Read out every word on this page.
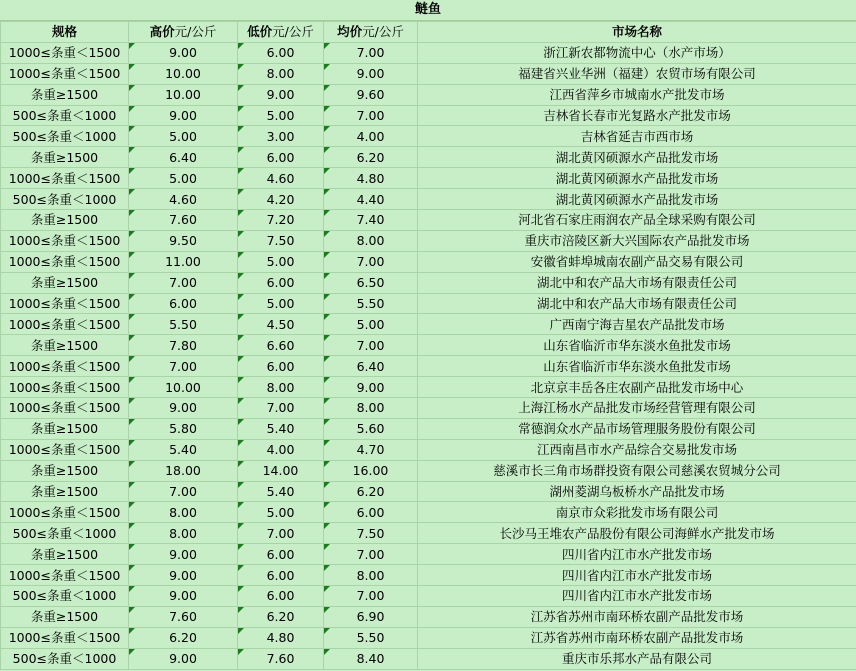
鲢鱼
规格	高价元/公斤	低价元/公斤	均价元/公斤	市场名称
1000≤条重＜1500	9.00	6.00	7.00	浙江新农都物流中心（水产市场）
1000≤条重＜1500	10.00	8.00	9.00	福建省兴业华洲（福建）农贸市场有限公司
条重≥1500	10.00	9.00	9.60	江西省萍乡市城南水产批发市场
500≤条重＜1000	9.00	5.00	7.00	吉林省长春市光复路水产批发市场
500≤条重＜1000	5.00	3.00	4.00	吉林省延吉市西市场
条重≥1500	6.40	6.00	6.20	湖北黄冈硕源水产品批发市场
1000≤条重＜1500	5.00	4.60	4.80	湖北黄冈硕源水产品批发市场
500≤条重＜1000	4.60	4.20	4.40	湖北黄冈硕源水产品批发市场
条重≥1500	7.60	7.20	7.40	河北省石家庄雨润农产品全球采购有限公司
1000≤条重＜1500	9.50	7.50	8.00	重庆市涪陵区新大兴国际农产品批发市场
1000≤条重＜1500	11.00	5.00	7.00	安徽省蚌埠城南农副产品交易有限公司
条重≥1500	7.00	6.00	6.50	湖北中和农产品大市场有限责任公司
1000≤条重＜1500	6.00	5.00	5.50	湖北中和农产品大市场有限责任公司
1000≤条重＜1500	5.50	4.50	5.00	广西南宁海吉星农产品批发市场
条重≥1500	7.80	6.60	7.00	山东省临沂市华东淡水鱼批发市场
1000≤条重＜1500	7.00	6.00	6.40	山东省临沂市华东淡水鱼批发市场
1000≤条重＜1500	10.00	8.00	9.00	北京京丰岳各庄农副产品批发市场中心
1000≤条重＜1500	9.00	7.00	8.00	上海江杨水产品批发市场经营管理有限公司
条重≥1500	5.80	5.40	5.60	常德润众水产品市场管理服务股份有限公司
1000≤条重＜1500	5.40	4.00	4.70	江西南昌市水产品综合交易批发市场
条重≥1500	18.00	14.00	16.00	慈溪市长三角市场群投资有限公司慈溪农贸城分公司
条重≥1500	7.00	5.40	6.20	湖州菱湖乌板桥水产品批发市场
1000≤条重＜1500	8.00	5.00	6.00	南京市众彩批发市场有限公司
500≤条重＜1000	8.00	7.00	7.50	长沙马王堆农产品股份有限公司海鲜水产批发市场
条重≥1500	9.00	6.00	7.00	四川省内江市水产批发市场
1000≤条重＜1500	9.00	6.00	8.00	四川省内江市水产批发市场
500≤条重＜1000	9.00	6.00	7.00	四川省内江市水产批发市场
条重≥1500	7.60	6.20	6.90	江苏省苏州市南环桥农副产品批发市场
1000≤条重＜1500	6.20	4.80	5.50	江苏省苏州市南环桥农副产品批发市场
500≤条重＜1000	9.00	7.60	8.40	重庆市乐邦水产品有限公司
